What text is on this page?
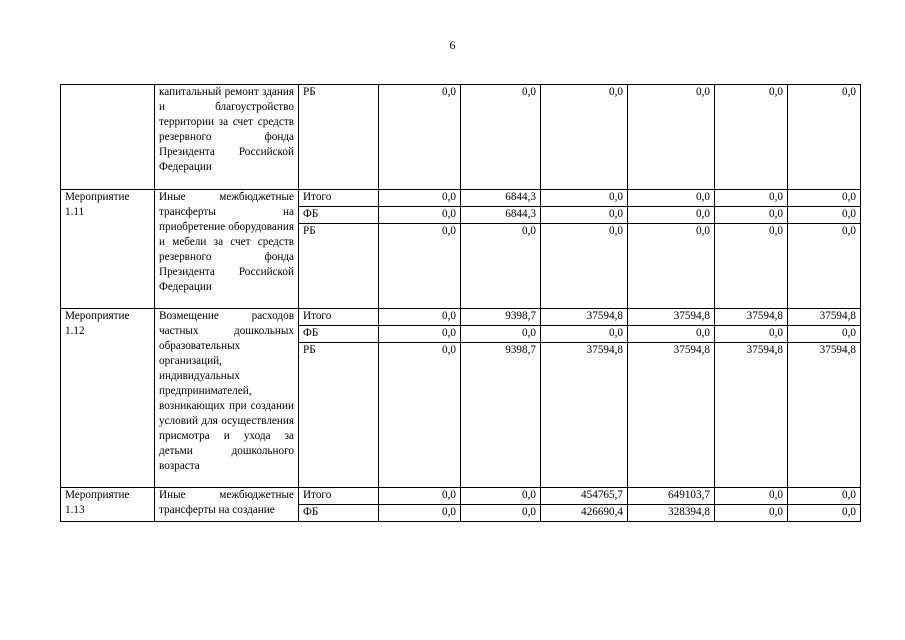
6
	капитальный ремонт здания и благоустройство территории за счет средств резервного фонда Президента Российской Федерации	РБ	0,0	0,0	0,0	0,0	0,0	0,0
Мероприятие 1.11	Иные межбюджетные трансферты на приобретение оборудования и мебели за счет средств резервного фонда Президента Российской Федерации	Итого	0,0	6844,3	0,0	0,0	0,0	0,0
		ФБ	0,0	6844,3	0,0	0,0	0,0	0,0
		РБ	0,0	0,0	0,0	0,0	0,0	0,0
Мероприятие 1.12	Возмещение расходов частных дошкольных образовательных организаций, индивидуальных предпринимателей, возникающих при создании условий для осуществления присмотра и ухода за детьми дошкольного возраста	Итого	0,0	9398,7	37594,8	37594,8	37594,8	37594,8
		ФБ	0,0	0,0	0,0	0,0	0,0	0,0
		РБ	0,0	9398,7	37594,8	37594,8	37594,8	37594,8
Мероприятие 1.13	Иные межбюджетные трансферты на создание	Итого	0,0	0,0	454765,7	649103,7	0,0	0,0
		ФБ	0,0	0,0	426690,4	328394,8	0,0	0,0
